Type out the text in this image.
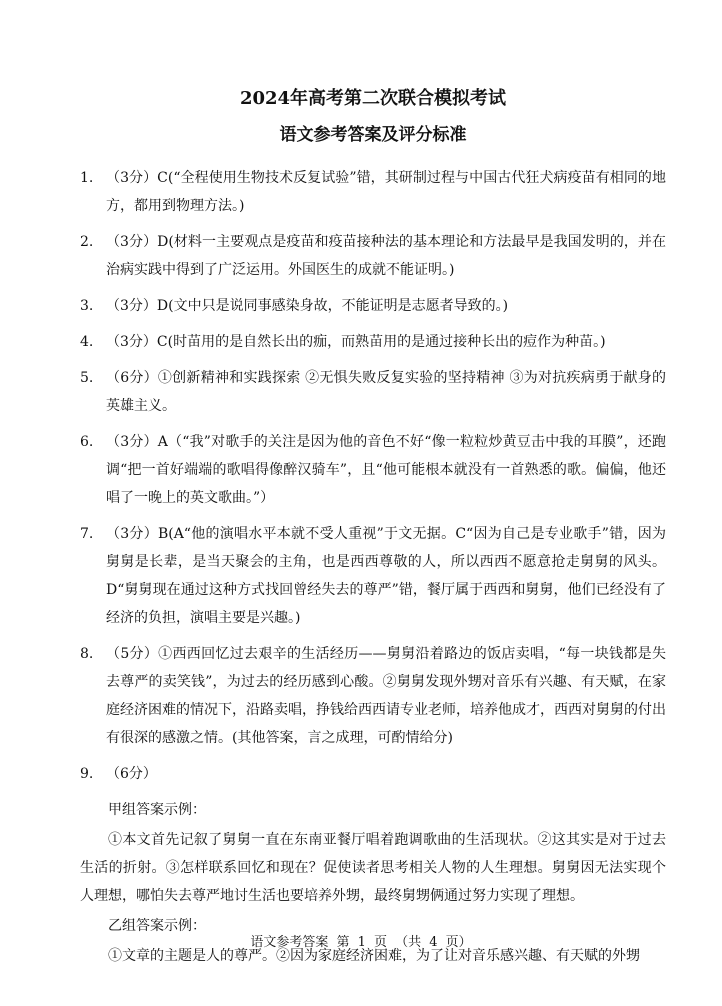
2024年高考第二次联合模拟考试
语文参考答案及评分标准
1. （3分）C(“全程使用生物技术反复试验”错，其研制过程与中国古代狂犬病疫苗有相同的地方，都用到物理方法。)
2. （3分）D(材料一主要观点是疫苗和疫苗接种法的基本理论和方法最早是我国发明的，并在治病实践中得到了广泛运用。外国医生的成就不能证明。)
3. （3分）D(文中只是说同事感染身故，不能证明是志愿者导致的。)
4. （3分）C(时苗用的是自然长出的痂，而熟苗用的是通过接种长出的痘作为种苗。)
5. （6分）①创新精神和实践探索 ②无惧失败反复实验的坚持精神 ③为对抗疾病勇于献身的英雄主义。
6. （3分）A（“我”对歌手的关注是因为他的音色不好“像一粒粒炒黄豆击中我的耳膜”，还跑调“把一首好端端的歌唱得像醉汉骑车”，且“他可能根本就没有一首熟悉的歌。偏偏，他还唱了一晚上的英文歌曲。”）
7. （3分）B(A“他的演唱水平本就不受人重视”于文无据。C“因为自己是专业歌手”错，因为舅舅是长辈，是当天聚会的主角，也是西西尊敬的人，所以西西不愿意抢走舅舅的风头。D“舅舅现在通过这种方式找回曾经失去的尊严”错，餐厅属于西西和舅舅，他们已经没有了经济的负担，演唱主要是兴趣。)
8. （5分）①西西回忆过去艰辛的生活经历——舅舅沿着路边的饭店卖唱，“每一块钱都是失去尊严的卖笑钱”，为过去的经历感到心酸。②舅舅发现外甥对音乐有兴趣、有天赋，在家庭经济困难的情况下，沿路卖唱，挣钱给西西请专业老师，培养他成才，西西对舅舅的付出有很深的感激之情。(其他答案，言之成理，可酌情给分)
9. （6分）
甲组答案示例：
①本文首先记叙了舅舅一直在东南亚餐厅唱着跑调歌曲的生活现状。②这其实是对于过去生活的折射。③怎样联系回忆和现在？促使读者思考相关人物的人生理想。舅舅因无法实现个人理想，哪怕失去尊严地讨生活也要培养外甥，最终舅甥俩通过努力实现了理想。
乙组答案示例：
①文章的主题是人的尊严。②因为家庭经济困难，为了让对音乐感兴趣、有天赋的外甥
语文参考答案 第 1 页 （共 4 页）
